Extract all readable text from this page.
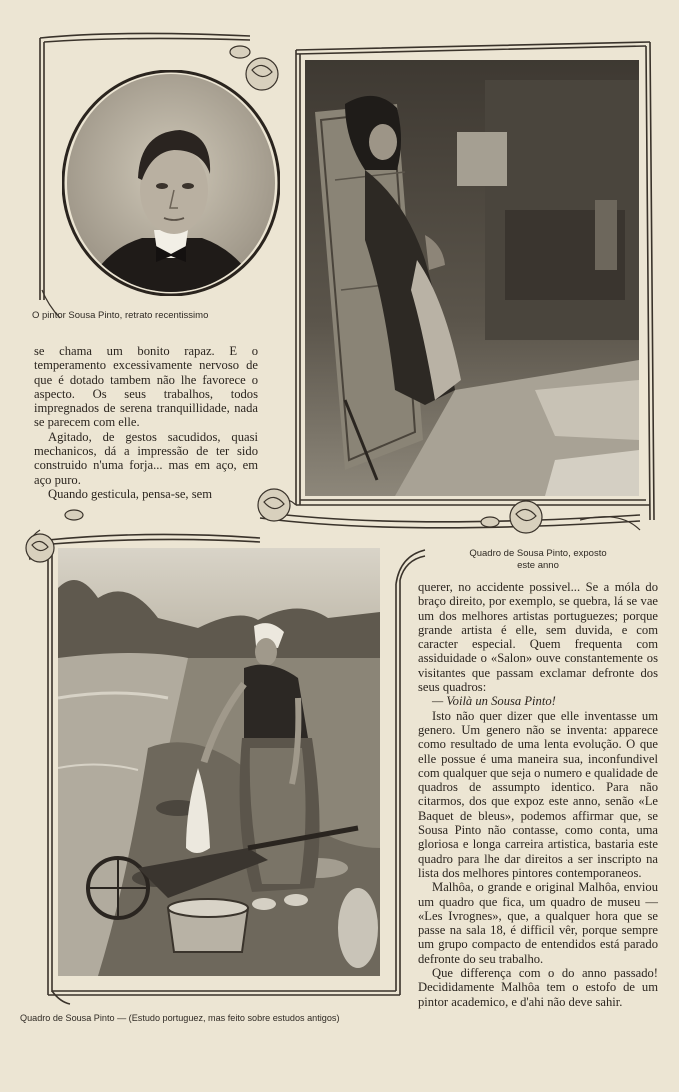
O pintor Sousa Pinto, retrato recentissimo
Quadro de Sousa Pinto, exposto
este anno
Quadro de Sousa Pinto — (Estudo portuguez, mas feito sobre estudos antigos)

se chama um bonito rapaz. E o temperamento excessivamente nervoso de que é dotado tambem não lhe favorece o aspecto. Os seus trabalhos, todos impregnados de serena tranquillidade, nada se parecem com elle.

Agitado, de gestos sacudidos, quasi mechanicos, dá a impressão de ter sido construido n'uma forja... mas em aço, em aço puro.

Quando gesticula, pensa-se, sem

querer, no accidente possivel... Se a móla do braço direito, por exemplo, se quebra, lá se vae um dos melhores artistas portuguezes; porque grande artista é elle, sem duvida, e com caracter especial. Quem frequenta com assiduidade o «Salon» ouve constantemente os visitantes que passam exclamar defronte dos seus quadros:

— Voilà un Sousa Pinto!

Isto não quer dizer que elle inventasse um genero. Um genero não se inventa: apparece como resultado de uma lenta evolução. O que elle possue é uma maneira sua, inconfundivel com qualquer que seja o numero e qualidade de quadros de assumpto identico. Para não citarmos, dos que expoz este anno, senão «Le Baquet de bleus», podemos affirmar que, se Sousa Pinto não contasse, como conta, uma gloriosa e longa carreira artistica, bastaria este quadro para lhe dar direitos a ser inscripto na lista dos melhores pintores contemporaneos.

Malhôa, o grande e original Malhôa, enviou um quadro que fica, um quadro de museu — «Les Ivrognes», que, a qualquer hora que se passe na sala 18, é difficil vêr, porque sempre um grupo compacto de entendidos está parado defronte do seu trabalho.

Que differença com o do anno passado! Decididamente Malhôa tem o estofo de um pintor academico, e d'ahi não deve sahir.
